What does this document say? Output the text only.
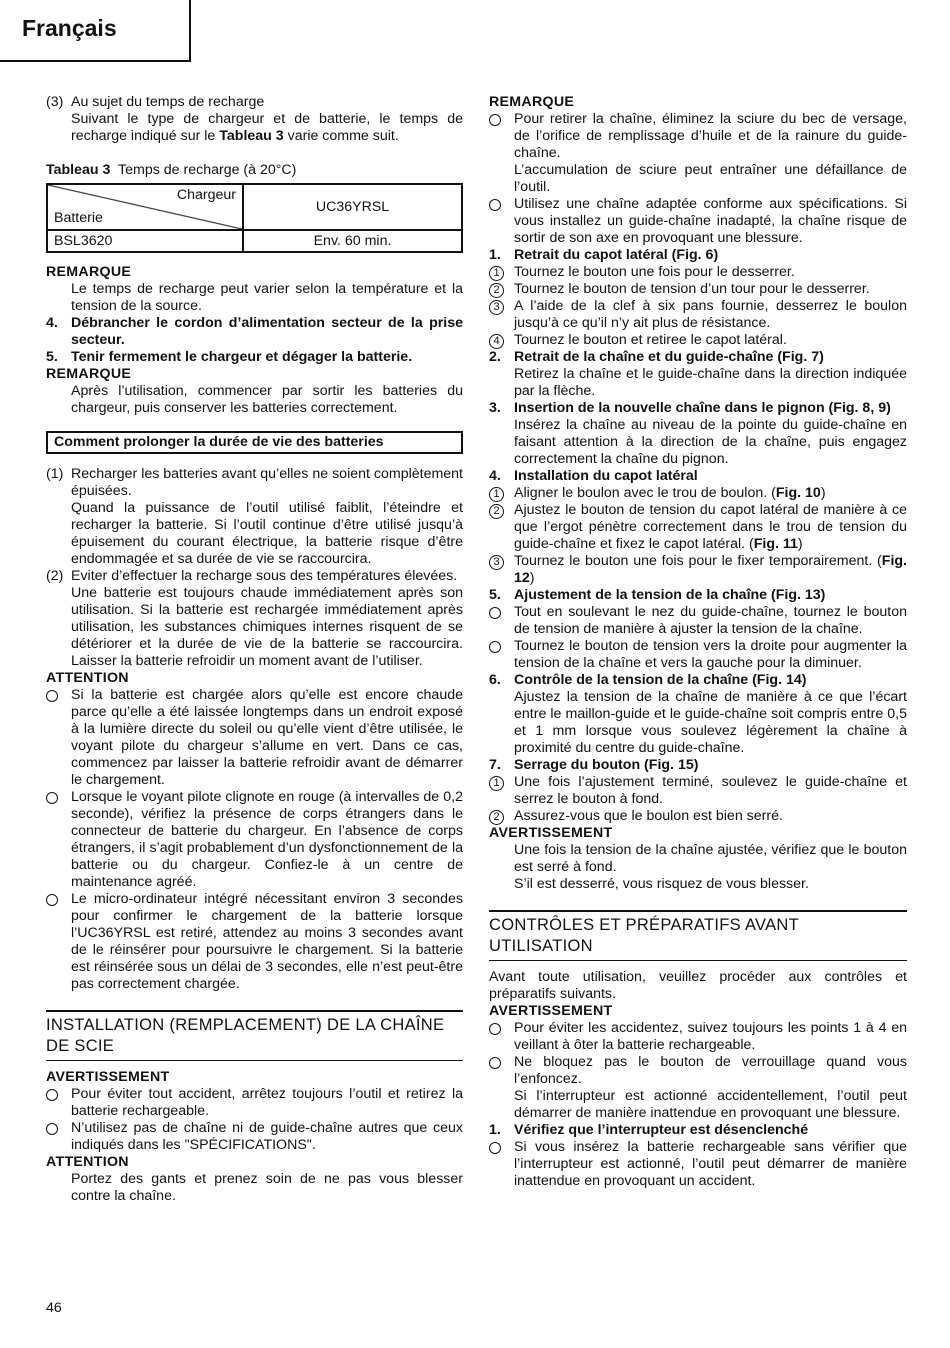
Français
(3) Au sujet du temps de recharge
Suivant le type de chargeur et de batterie, le temps de recharge indiqué sur le Tableau 3 varie comme suit.
Tableau 3 Temps de recharge (à 20°C)
Chargeur
Batterie	UC36YRSL
BSL3620	Env. 60 min.
REMARQUE

Le temps de recharge peut varier selon la température et la tension de la source.

4. Débrancher le cordon d’alimentation secteur de la prise secteur.
5. Tenir fermement le chargeur et dégager la batterie.
REMARQUE

Après l’utilisation, commencer par sortir les batteries du chargeur, puis conserver les batteries correctement.

Comment prolonger la durée de vie des batteries
(1) Recharger les batteries avant qu’elles ne soient complètement épuisées.
Quand la puissance de l’outil utilisé faiblit, l’éteindre et recharger la batterie. Si l’outil continue d’être utilisé jusqu’à épuisement du courant électrique, la batterie risque d’être endommagée et sa durée de vie se raccourcira.
(2) Eviter d’effectuer la recharge sous des températures élevées.
Une batterie est toujours chaude immédiatement après son utilisation. Si la batterie est rechargée immédiatement après utilisation, les substances chimiques internes risquent de se détériorer et la durée de vie de la batterie se raccourcira. Laisser la batterie refroidir un moment avant de l’utiliser.
ATTENTION
Si la batterie est chargée alors qu’elle est encore chaude parce qu’elle a été laissée longtemps dans un endroit exposé à la lumière directe du soleil ou qu’elle vient d’être utilisée, le voyant pilote du chargeur s’allume en vert. Dans ce cas, commencez par laisser la batterie refroidir avant de démarrer le chargement.
Lorsque le voyant pilote clignote en rouge (à intervalles de 0,2 seconde), vérifiez la présence de corps étrangers dans le connecteur de batterie du chargeur. En l’absence de corps étrangers, il s’agit probablement d’un dysfonctionnement de la batterie ou du chargeur. Confiez-le à un centre de maintenance agréé.
Le micro-ordinateur intégré nécessitant environ 3 secondes pour confirmer le chargement de la batterie lorsque l’UC36YRSL est retiré, attendez au moins 3 secondes avant de le réinsérer pour poursuivre le chargement. Si la batterie est réinsérée sous un délai de 3 secondes, elle n’est peut-être pas correctement chargée.
INSTALLATION (REMPLACEMENT) DE LA CHAÎNE DE SCIE
AVERTISSEMENT
Pour éviter tout accident, arrêtez toujours l’outil et retirez la batterie rechargeable.
N’utilisez pas de chaîne ni de guide-chaîne autres que ceux indiqués dans les "SPÉCIFICATIONS".
ATTENTION

Portez des gants et prenez soin de ne pas vous blesser contre la chaîne.

REMARQUE
Pour retirer la chaîne, éliminez la sciure du bec de versage, de l’orifice de remplissage d’huile et de la rainure du guide-chaîne.
L’accumulation de sciure peut entraîner une défaillance de l’outil.
Utilisez une chaîne adaptée conforme aux spécifications. Si vous installez un guide-chaîne inadapté, la chaîne risque de sortir de son axe en provoquant une blessure.
1. Retrait du capot latéral (Fig. 6)
1	Tournez le bouton une fois pour le desserrer.
2	Tournez le bouton de tension d’un tour pour le desserrer.
3	A l’aide de la clef à six pans fournie, desserrez le boulon jusqu’à ce qu’il n’y ait plus de résistance.
4	Tournez le bouton et retiree le capot latéral.
2. Retrait de la chaîne et du guide-chaîne (Fig. 7)

Retirez la chaîne et le guide-chaîne dans la direction indiquée par la flèche.

3. Insertion de la nouvelle chaîne dans le pignon (Fig. 8, 9)

Insérez la chaîne au niveau de la pointe du guide-chaîne en faisant attention à la direction de la chaîne, puis engagez correctement la chaîne du pignon.

4. Installation du capot latéral
1	Aligner le boulon avec le trou de boulon. (Fig. 10)
2	Ajustez le bouton de tension du capot latéral de manière à ce que l’ergot pénètre correctement dans le trou de tension du guide-chaîne et fixez le capot latéral. (Fig. 11)
3	Tournez le bouton une fois pour le fixer temporairement. (Fig. 12)
5. Ajustement de la tension de la chaîne (Fig. 13)
Tout en soulevant le nez du guide-chaîne, tournez le bouton de tension de manière à ajuster la tension de la chaîne.
Tournez le bouton de tension vers la droite pour augmenter la tension de la chaîne et vers la gauche pour la diminuer.
6. Contrôle de la tension de la chaîne (Fig. 14)

Ajustez la tension de la chaîne de manière à ce que l’écart entre le maillon-guide et le guide-chaîne soit compris entre 0,5 et 1 mm lorsque vous soulevez légèrement la chaîne à proximité du centre du guide-chaîne.

7. Serrage du bouton (Fig. 15)
1	Une fois l’ajustement terminé, soulevez le guide-chaîne et serrez le bouton à fond.
2	Assurez-vous que le boulon est bien serré.
AVERTISSEMENT

Une fois la tension de la chaîne ajustée, vérifiez que le bouton est serré à fond.

S’il est desserré, vous risquez de vous blesser.

CONTRÔLES ET PRÉPARATIFS AVANT UTILISATION

Avant toute utilisation, veuillez procéder aux contrôles et préparatifs suivants.

AVERTISSEMENT
Pour éviter les accidentez, suivez toujours les points 1 à 4 en veillant à ôter la batterie rechargeable.
Ne bloquez pas le bouton de verrouillage quand vous l’enfoncez.
Si l’interrupteur est actionné accidentellement, l’outil peut démarrer de manière inattendue en provoquant une blessure.
1. Vérifiez que l’interrupteur est désenclenché
Si vous insérez la batterie rechargeable sans vérifier que l’interrupteur est actionné, l’outil peut démarrer de manière inattendue en provoquant un accident.
46
